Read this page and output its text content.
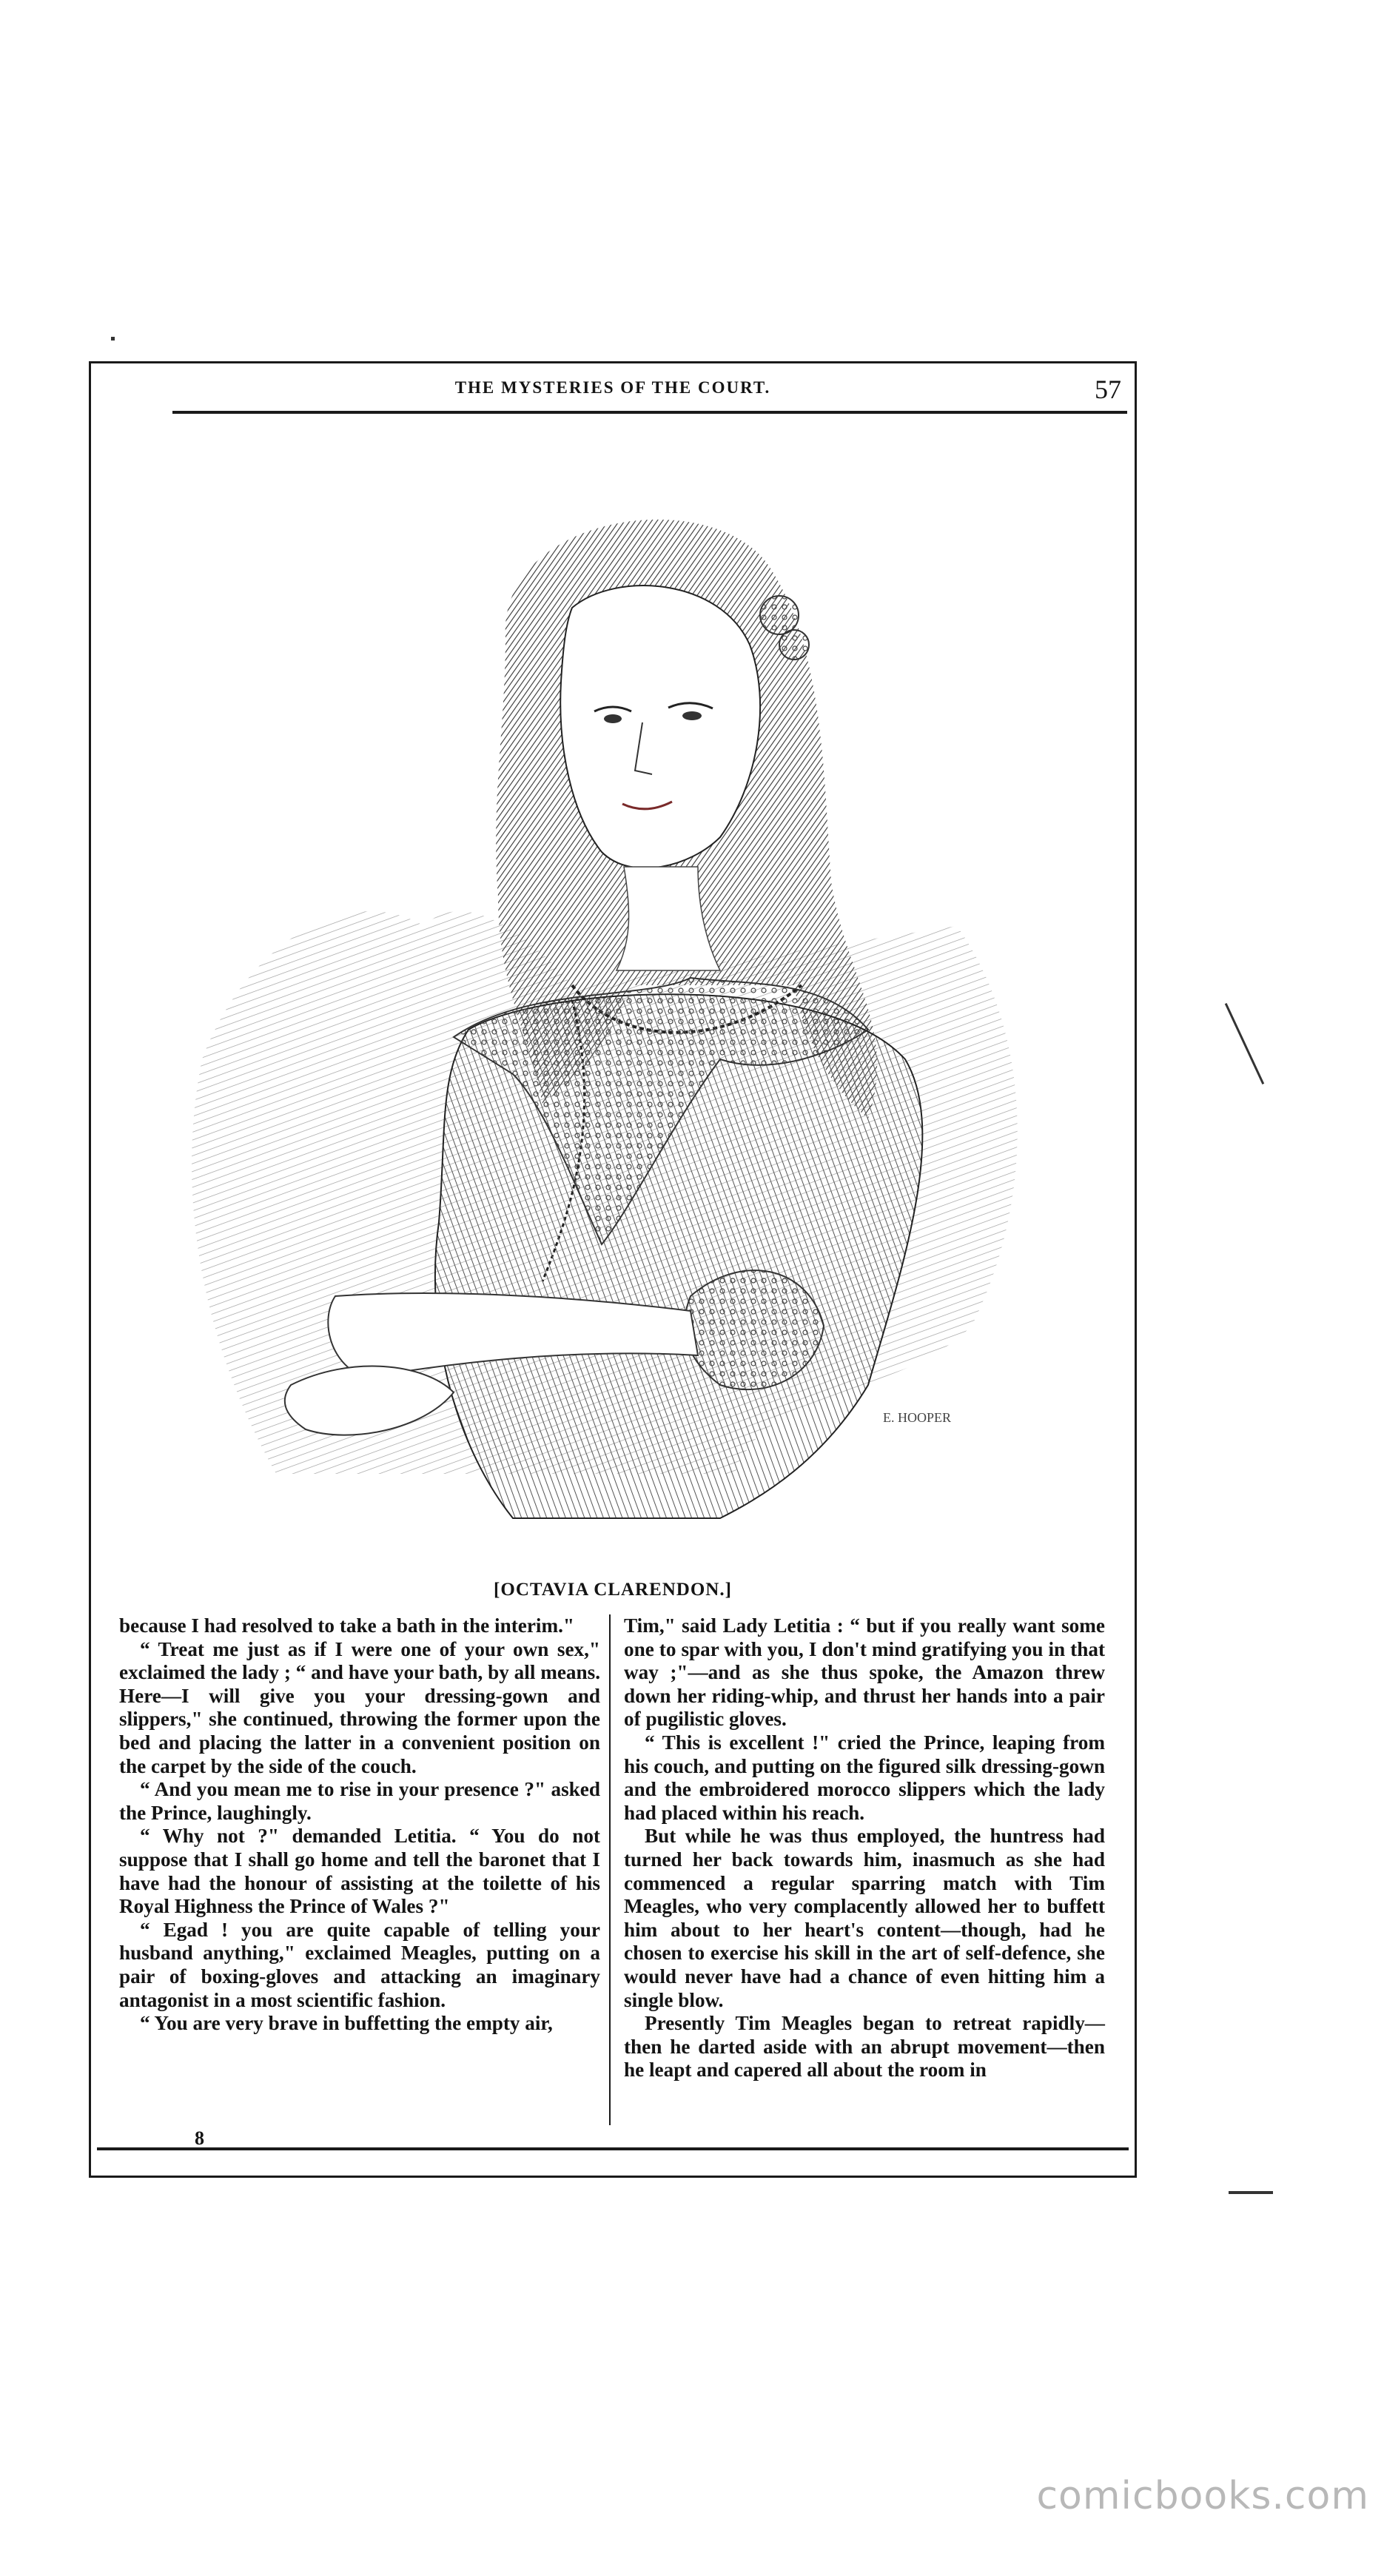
THE MYSTERIES OF THE COURT.	57
E. HOOPER
[OCTAVIA CLARENDON.]

because I had resolved to take a bath in the interim."

“ Treat me just as if I were one of your own sex," exclaimed the lady ; “ and have your bath, by all means. Here—I will give you your dressing-gown and slippers," she continued, throwing the former upon the bed and placing the latter in a convenient position on the carpet by the side of the couch.

“ And you mean me to rise in your presence ?" asked the Prince, laughingly.

“ Why not ?" demanded Letitia. “ You do not suppose that I shall go home and tell the baronet that I have had the honour of assisting at the toilette of his Royal Highness the Prince of Wales ?"

“ Egad ! you are quite capable of telling your husband anything," exclaimed Meagles, putting on a pair of boxing-gloves and attacking an imaginary antagonist in a most scientific fashion.

“ You are very brave in buffetting the empty air,

Tim," said Lady Letitia : “ but if you really want some one to spar with you, I don't mind gratifying you in that way ;"—and as she thus spoke, the Amazon threw down her riding-whip, and thrust her hands into a pair of pugilistic gloves.

“ This is excellent !" cried the Prince, leaping from his couch, and putting on the figured silk dressing-gown and the embroidered morocco slippers which the lady had placed within his reach.

But while he was thus employed, the huntress had turned her back towards him, inasmuch as she had commenced a regular sparring match with Tim Meagles, who very complacently allowed her to buffett him about to her heart's content—though, had he chosen to exercise his skill in the art of self-defence, she would never have had a chance of even hitting him a single blow.

Presently Tim Meagles began to retreat rapidly—then he darted aside with an abrupt movement—then he leapt and capered all about the room in

8
comicbooks.com
